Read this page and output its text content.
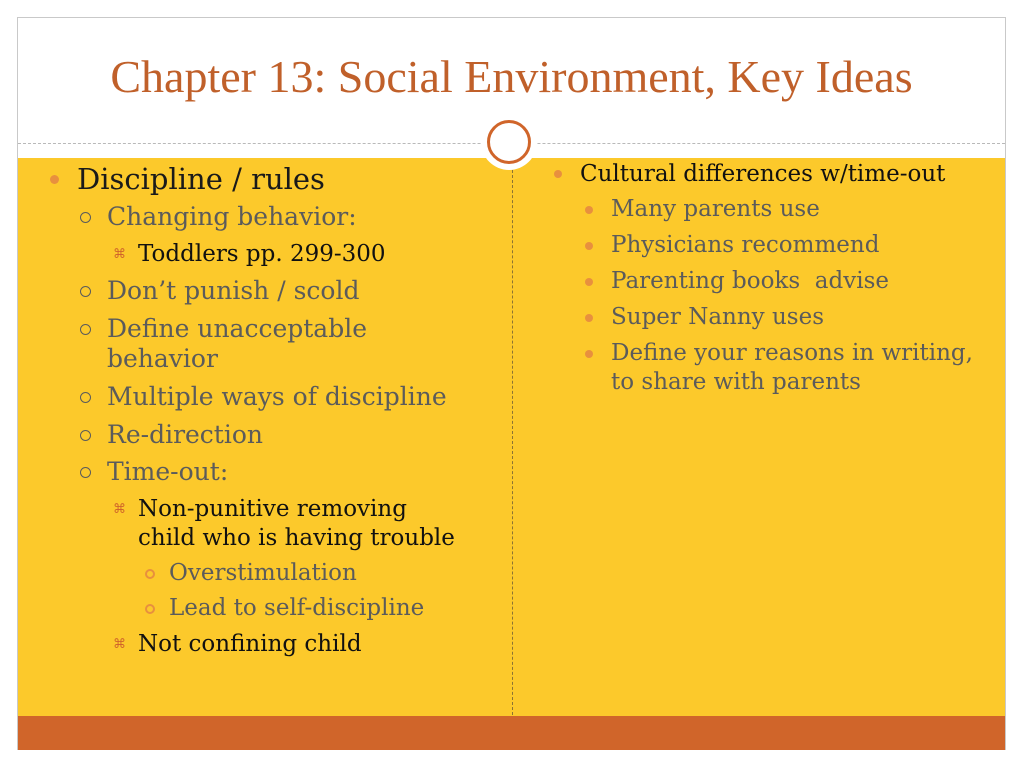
Chapter 13: Social Environment, Key Ideas
Discipline / rules
Changing behavior:
⌘ Toddlers pp. 299-300
Don’t punish / scold
Define unacceptable
behavior
Multiple ways of discipline
Re-direction
Time-out:
⌘ Non-punitive removing
child who is having trouble
Overstimulation
Lead to self-discipline
⌘ Not confining child
Cultural differences w/time-out
Many parents use
Physicians recommend
Parenting books  advise
Super Nanny uses
Define your reasons in writing,
to share with parents
